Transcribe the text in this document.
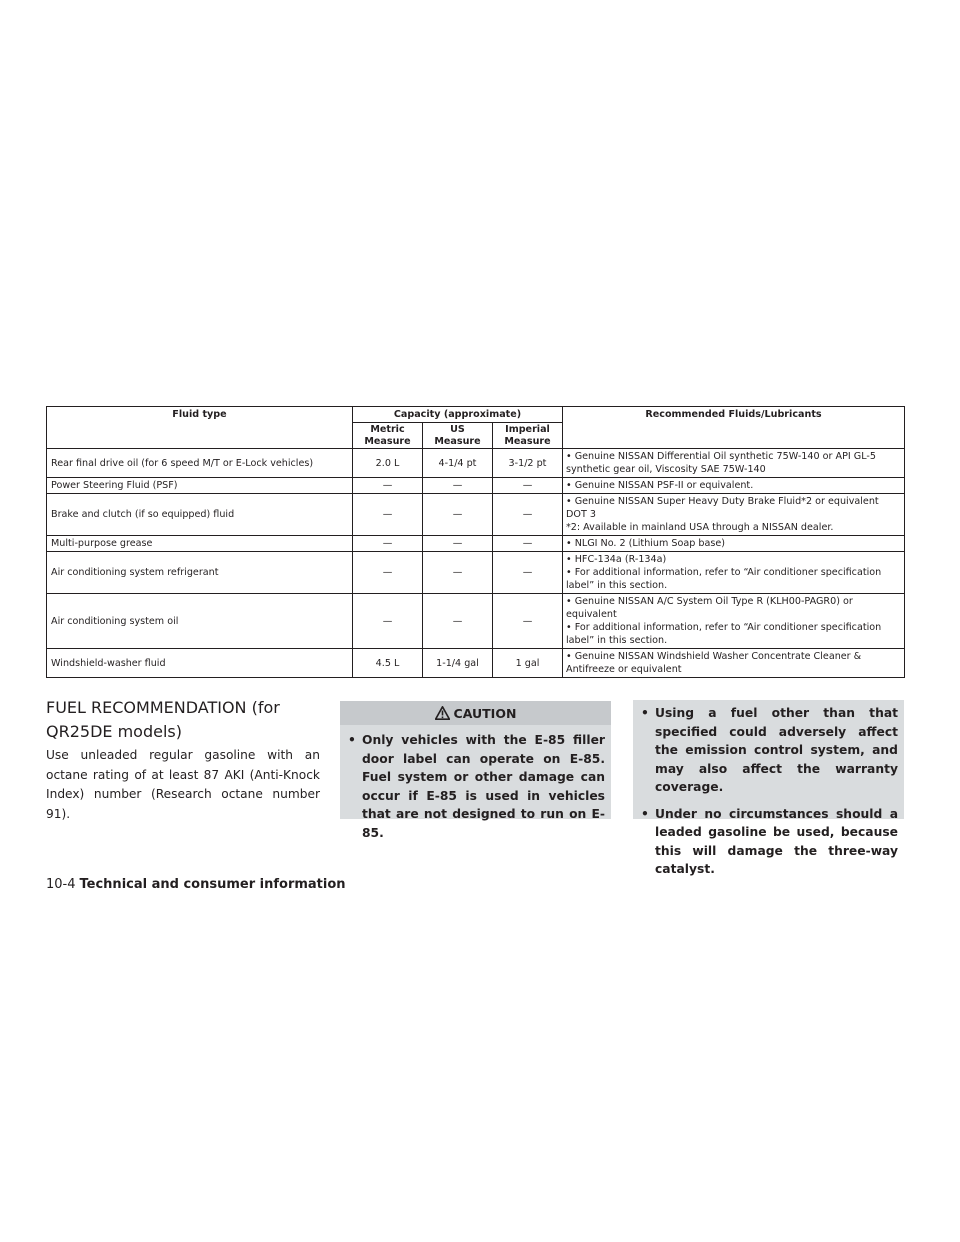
Fluid type	Capacity (approximate)			Recommended Fluids/Lubricants
	Metric Measure	US Measure	Imperial Measure	
Rear final drive oil (for 6 speed M/T or E-Lock vehicles)	2.0 L	4-1/4 pt	3-1/2 pt	• Genuine NISSAN Differential Oil synthetic 75W-140 or API GL-5 synthetic gear oil, Viscosity SAE 75W-140

Power Steering Fluid (PSF)	—	—	—	• Genuine NISSAN PSF-II or equivalent.

Brake and clutch (if so equipped) fluid	—	—	—	• Genuine NISSAN Super Heavy Duty Brake Fluid*2 or equivalent DOT 3
*2: Available in mainland USA through a NISSAN dealer.

Multi-purpose grease	—	—	—	• NLGI No. 2 (Lithium Soap base)

Air conditioning system refrigerant	—	—	—	• HFC-134a (R-134a)
• For additional information, refer to “Air conditioner specification label” in this section.

Air conditioning system oil	—	—	—	• Genuine NISSAN A/C System Oil Type R (KLH00-PAGR0) or equivalent
• For additional information, refer to “Air conditioner specification label” in this section.

Windshield-washer fluid	4.5 L	1-1/4 gal	1 gal	• Genuine NISSAN Windshield Washer Concentrate Cleaner & Antifreeze or equivalent
FUEL RECOMMENDATION (for QR25DE models)

Use unleaded regular gasoline with an octane rating of at least 87 AKI (Anti-Knock Index) number (Research octane number 91).

CAUTION
• Only vehicles with the E-85 filler door label can operate on E-85. Fuel system or other damage can occur if E-85 is used in vehicles that are not designed to run on E-85.
• Using a fuel other than that specified could adversely affect the emission control system, and may also affect the warranty coverage.
• Under no circumstances should a leaded gasoline be used, because this will damage the three-way catalyst.
10-4 Technical and consumer information
